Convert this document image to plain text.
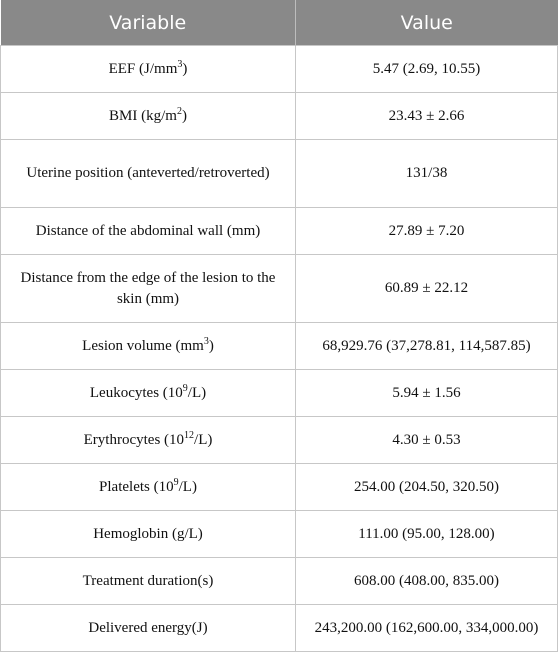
Variable	Value
EEF $(J/mm^3)$	5.47 (2.69, 10.55)
BMI $(kg/m^2)$	23.43 ± 2.66
Uterine position (anteverted/retroverted)	131/38
Distance of the abdominal wall (mm)	27.89 ± 7.20
Distance from the edge of the lesion to the skin (mm)	60.89 ± 22.12
Lesion volume $(mm^3)$	68,929.76 (37,278.81, 114,587.85)
Leukocytes $(10^9/L)$	5.94 ± 1.56
Erythrocytes $(10^{12}/L)$	4.30 ± 0.53
Platelets $(10^9/L)$	254.00 (204.50, 320.50)
Hemoglobin (g/L)	111.00 (95.00, 128.00)
Treatment duration(s)	608.00 (408.00, 835.00)
Delivered energy(J)	243,200.00 (162,600.00, 334,000.00)
